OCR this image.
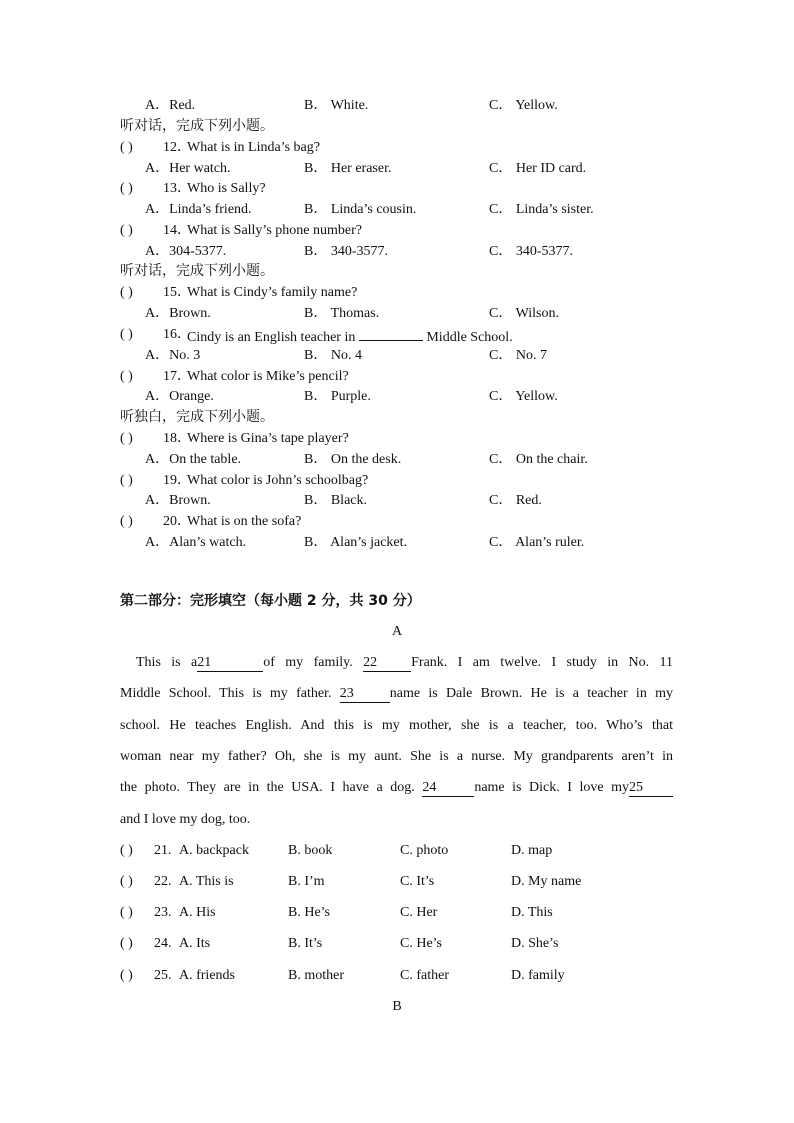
A．Red.	B． White.	C． Yellow.
听对话，完成下列小题。
( ) 12．
What is in Linda’s bag?
A．Her watch.	B． Her eraser.	C． Her ID card.
( ) 13．
Who is Sally?
A．Linda’s friend.	B． Linda’s cousin.	C． Linda’s sister.
( ) 14．
What is Sally’s phone number?
A．304-5377.	B． 340-3577.	C． 340-5377.
听对话，完成下列小题。
( ) 15．
What is Cindy’s family name?
A．Brown.	B． Thomas.	C． Wilson.
( ) 16．
Cindy is an English teacher in	Middle School.
A．No. 3	B． No. 4	C． No. 7
( ) 17．
What color is Mike’s pencil?
A．Orange.	B． Purple.	C． Yellow.
听独白，完成下列小题。
( ) 18．
Where is Gina’s tape player?
A．On the table.	B． On the desk.	C． On the chair.
( ) 19．
What color is John’s schoolbag?
A．Brown.	B． Black.	C． Red.
( ) 20．
What is on the sofa?
A．Alan’s watch.	B． Alan’s jacket.	C． Alan’s ruler.
第二部分：完形填空（每小题 2 分，共 30 分）
A
This is a21	of my family. 22 Frank. I am twelve. I study in No. 11
Middle School. This is my father. 23	name is Dale Brown. He is a teacher in my
school. He teaches English. And this is my mother, she is a teacher, too. Who’s that
woman near my father? Oh, she is my aunt. She is a nurse. My grandparents aren’t in
the photo. They are in the USA. I have a dog. 24	name is Dick. I love my25
and I love my dog, too.
( ) 21. A. backpack	B. book	C. photo	D. map
( ) 22. A. This is	B. I’m	C. It’s	D. My name
( ) 23. A. His	B. He’s	C. Her	D. This
( ) 24. A. Its	B. It’s	C. He’s	D. She’s
( ) 25. A. friends	B. mother	C. father	D. family
B
